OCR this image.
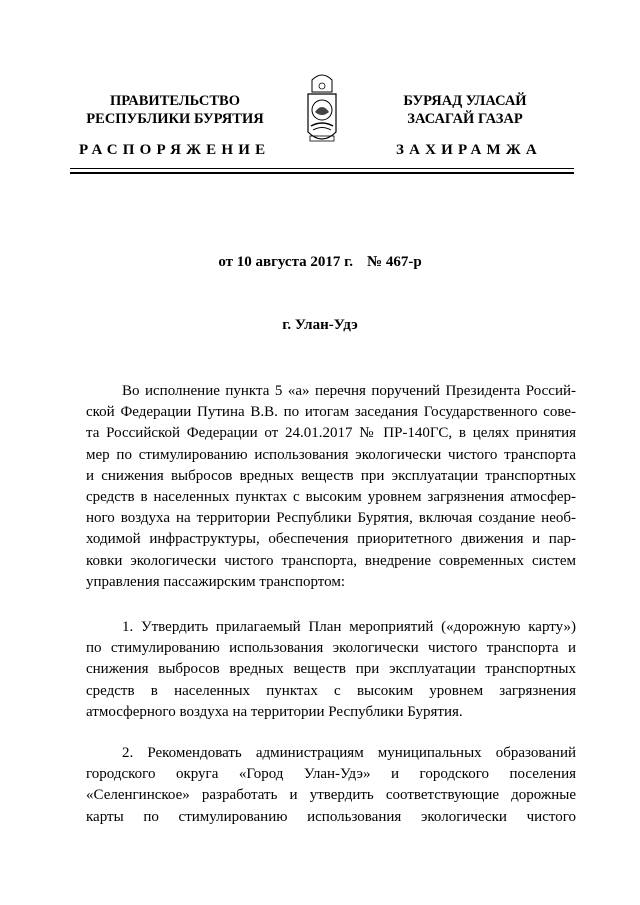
ПРАВИТЕЛЬСТВО
РЕСПУБЛИКИ БУРЯТИЯ
БУРЯАД УЛАСАЙ
ЗАСАГАЙ ГАЗАР
РАСПОРЯЖЕНИЕ	ЗАХИРАМЖА
от 10 августа 2017 г. № 467-р
г. Улан-Удэ
Во исполнение пункта 5 «а» перечня поручений Президента Россий-
ской Федерации Путина В.В. по итогам заседания Государственного сове-
та Российской Федерации от 24.01.2017 № ПР-140ГС, в целях принятия
мер по стимулированию использования экологически чистого транспорта
и снижения выбросов вредных веществ при эксплуатации транспортных
средств в населенных пунктах с высоким уровнем загрязнения атмосфер-
ного воздуха на территории Республики Бурятия, включая создание необ-
ходимой инфраструктуры, обеспечения приоритетного движения и пар-
ковки экологически чистого транспорта, внедрение современных систем
управления пассажирским транспортом:
1. Утвердить прилагаемый План мероприятий («дорожную карту»)
по стимулированию использования экологически чистого транспорта и
снижения выбросов вредных веществ при эксплуатации транспортных
средств в населенных пунктах с высоким уровнем загрязнения
атмосферного воздуха на территории Республики Бурятия.
2. Рекомендовать администрациям муниципальных образований
городского округа «Город Улан-Удэ» и городского поселения
«Селенгинское» разработать и утвердить соответствующие дорожные
карты по стимулированию использования экологически чистого
